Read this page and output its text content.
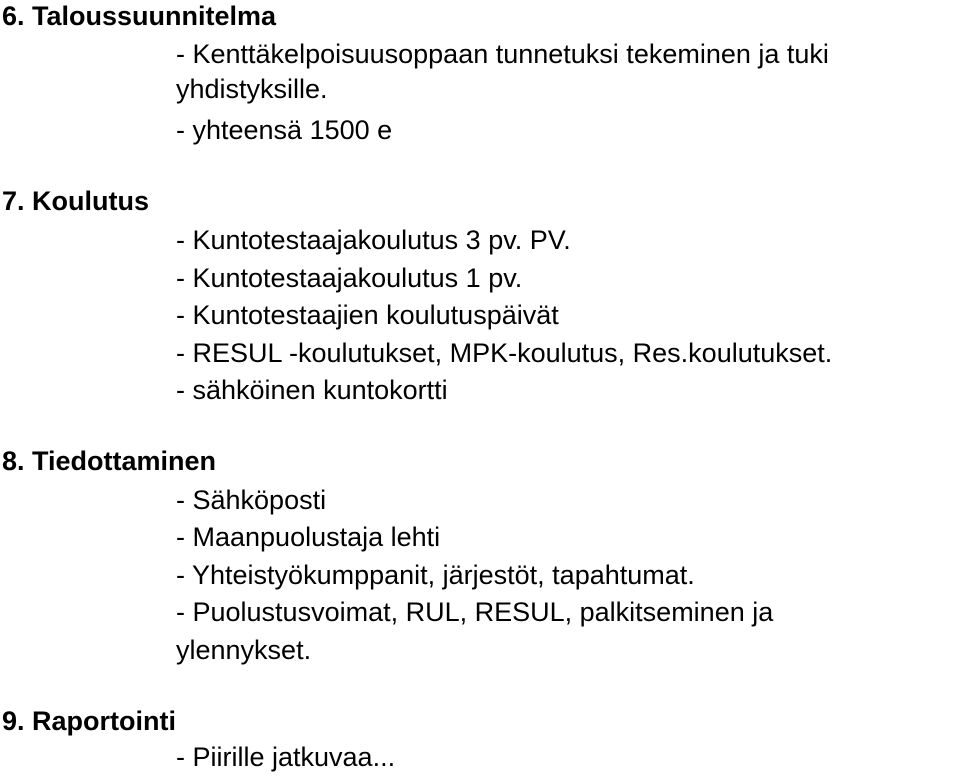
6. Taloussuunnitelma
- Kenttäkelpoisuusoppaan tunnetuksi tekeminen ja tuki
yhdistyksille.
- yhteensä 1500 e
7. Koulutus
- Kuntotestaajakoulutus 3 pv. PV.
- Kuntotestaajakoulutus 1 pv.
- Kuntotestaajien koulutuspäivät
- RESUL -koulutukset, MPK-koulutus, Res.koulutukset.
- sähköinen kuntokortti
8. Tiedottaminen
- Sähköposti
- Maanpuolustaja lehti
- Yhteistyökumppanit, järjestöt, tapahtumat.
- Puolustusvoimat, RUL, RESUL, palkitseminen ja
ylennykset.
9. Raportointi
- Piirille jatkuvaa...
